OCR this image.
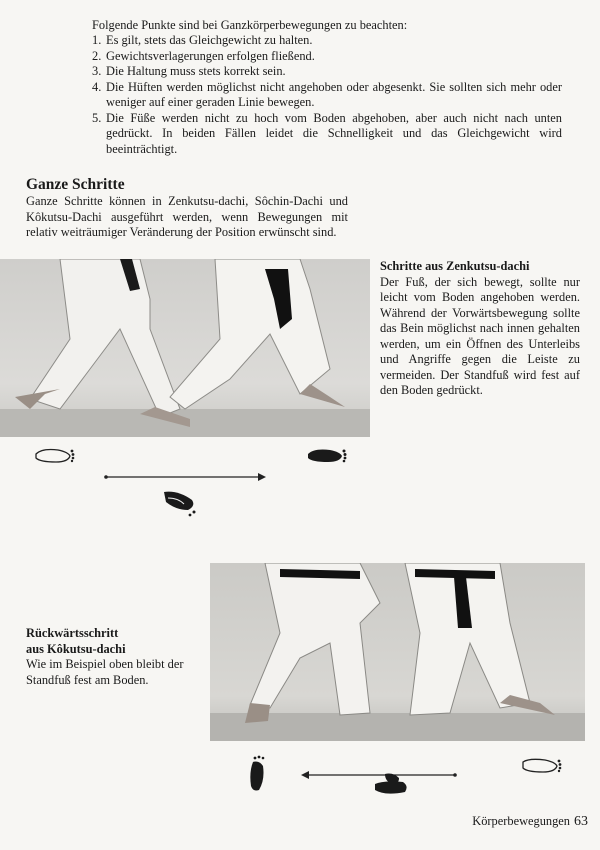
Folgende Punkte sind bei Ganzkörperbewegungen zu beachten:
1. Es gilt, stets das Gleichgewicht zu halten.
2. Gewichtsverlagerungen erfolgen fließend.
3. Die Haltung muss stets korrekt sein.
4. Die Hüften werden möglichst nicht angehoben oder abgesenkt. Sie sollten sich mehr oder weniger auf einer geraden Linie bewegen.
5. Die Füße werden nicht zu hoch vom Boden abgehoben, aber auch nicht nach unten gedrückt. In beiden Fällen leidet die Schnelligkeit und das Gleichgewicht wird beeinträchtigt.
Ganze Schritte
Ganze Schritte können in Zenkutsu-dachi, Sôchin-Dachi und Kôkutsu-Dachi ausgeführt werden, wenn Bewegungen mit relativ weiträumiger Veränderung der Position erwünscht sind.
Schritte aus Zenkutsu-dachi
Der Fuß, der sich bewegt, sollte nur leicht vom Boden angehoben werden. Während der Vorwärtsbewegung sollte das Bein möglichst nach innen gehalten werden, um ein Öffnen des Unterleibs und Angriffe gegen die Leiste zu vermeiden. Der Standfuß wird fest auf den Boden gedrückt.
Rückwärtsschritt
aus Kôkutsu-dachi
Wie im Beispiel oben bleibt der Standfuß fest am Boden.
Körperbewegungen 63
